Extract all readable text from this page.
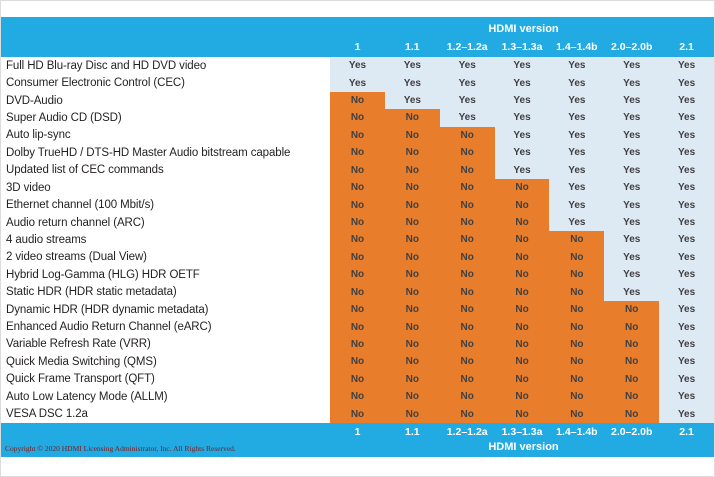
HDMI version
1	1.1	1.2–1.2a	1.3–1.3a	1.4–1.4b	2.0–2.0b	2.1
Full HD Blu-ray Disc and HD DVD video	Yes	Yes	Yes	Yes	Yes	Yes	Yes
Consumer Electronic Control (CEC)	Yes	Yes	Yes	Yes	Yes	Yes	Yes
DVD-Audio	No	Yes	Yes	Yes	Yes	Yes	Yes
Super Audio CD (DSD)	No	No	Yes	Yes	Yes	Yes	Yes
Auto lip-sync	No	No	No	Yes	Yes	Yes	Yes
Dolby TrueHD / DTS-HD Master Audio bitstream capable	No	No	No	Yes	Yes	Yes	Yes
Updated list of CEC commands	No	No	No	Yes	Yes	Yes	Yes
3D video	No	No	No	No	Yes	Yes	Yes
Ethernet channel (100 Mbit/s)	No	No	No	No	Yes	Yes	Yes
Audio return channel (ARC)	No	No	No	No	Yes	Yes	Yes
4 audio streams	No	No	No	No	No	Yes	Yes
2 video streams (Dual View)	No	No	No	No	No	Yes	Yes
Hybrid Log-Gamma (HLG) HDR OETF	No	No	No	No	No	Yes	Yes
Static HDR (HDR static metadata)	No	No	No	No	No	Yes	Yes
Dynamic HDR (HDR dynamic metadata)	No	No	No	No	No	No	Yes
Enhanced Audio Return Channel (eARC)	No	No	No	No	No	No	Yes
Variable Refresh Rate (VRR)	No	No	No	No	No	No	Yes
Quick Media Switching (QMS)	No	No	No	No	No	No	Yes
Quick Frame Transport (QFT)	No	No	No	No	No	No	Yes
Auto Low Latency Mode (ALLM)	No	No	No	No	No	No	Yes
VESA DSC 1.2a	No	No	No	No	No	No	Yes
1	1.1	1.2–1.2a	1.3–1.3a	1.4–1.4b	2.0–2.0b	2.1
Copyright © 2020 HDMI Licensing Administrator, Inc. All Rights Reserved.	HDMI version
